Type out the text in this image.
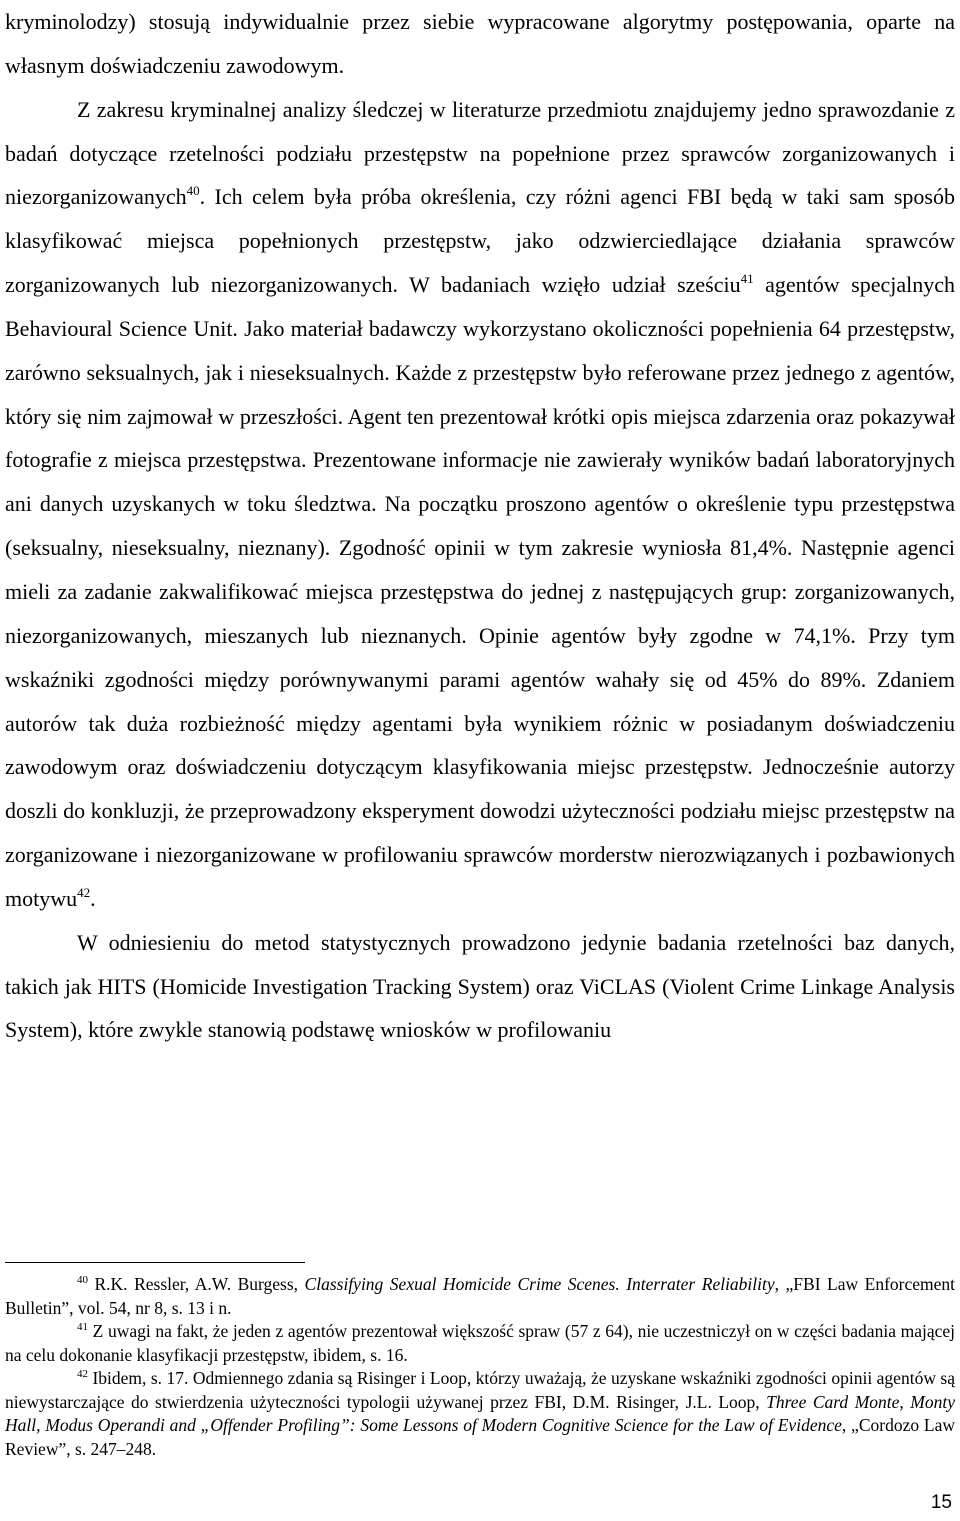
kryminolodzy) stosują indywidualnie przez siebie wypracowane algorytmy postępowania, oparte na własnym doświadczeniu zawodowym.

Z zakresu kryminalnej analizy śledczej w literaturze przedmiotu znajdujemy jedno sprawozdanie z badań dotyczące rzetelności podziału przestępstw na popełnione przez sprawców zorganizowanych i niezorganizowanych$^{40}$. Ich celem była próba określenia, czy różni agenci FBI będą w taki sam sposób klasyfikować miejsca popełnionych przestępstw, jako odzwierciedlające działania sprawców zorganizowanych lub niezorganizowanych. W badaniach wzięło udział sześciu$^{41}$ agentów specjalnych Behavioural Science Unit. Jako materiał badawczy wykorzystano okoliczności popełnienia 64 przestępstw, zarówno seksualnych, jak i nieseksualnych. Każde z przestępstw było referowane przez jednego z agentów, który się nim zajmował w przeszłości. Agent ten prezentował krótki opis miejsca zdarzenia oraz pokazywał fotografie z miejsca przestępstwa. Prezentowane informacje nie zawierały wyników badań laboratoryjnych ani danych uzyskanych w toku śledztwa. Na początku proszono agentów o określenie typu przestępstwa (seksualny, nieseksualny, nieznany). Zgodność opinii w tym zakresie wyniosła 81,4%. Następnie agenci mieli za zadanie zakwalifikować miejsca przestępstwa do jednej z następujących grup: zorganizowanych, niezorganizowanych, mieszanych lub nieznanych. Opinie agentów były zgodne w 74,1%. Przy tym wskaźniki zgodności między porównywanymi parami agentów wahały się od 45% do 89%. Zdaniem autorów tak duża rozbieżność między agentami była wynikiem różnic w posiadanym doświadczeniu zawodowym oraz doświadczeniu dotyczącym klasyfikowania miejsc przestępstw. Jednocześnie autorzy doszli do konkluzji, że przeprowadzony eksperyment dowodzi użyteczności podziału miejsc przestępstw na zorganizowane i niezorganizowane w profilowaniu sprawców morderstw nierozwiązanych i pozbawionych motywu$^{42}$.

W odniesieniu do metod statystycznych prowadzono jedynie badania rzetelności baz danych, takich jak HITS (Homicide Investigation Tracking System) oraz ViCLAS (Violent Crime Linkage Analysis System), które zwykle stanowią podstawę wniosków w profilowaniu

$^{40}$ R.K. Ressler, A.W. Burgess, Classifying Sexual Homicide Crime Scenes. Interrater Reliability, „FBI Law Enforcement Bulletin”, vol. 54, nr 8, s. 13 i n.

$^{41}$ Z uwagi na fakt, że jeden z agentów prezentował większość spraw (57 z 64), nie uczestniczył on w części badania mającej na celu dokonanie klasyfikacji przestępstw, ibidem, s. 16.

$^{42}$ Ibidem, s. 17. Odmiennego zdania są Risinger i Loop, którzy uważają, że uzyskane wskaźniki zgodności opinii agentów są niewystarczające do stwierdzenia użyteczności typologii używanej przez FBI, D.M. Risinger, J.L. Loop, Three Card Monte, Monty Hall, Modus Operandi and „Offender Profiling”: Some Lessons of Modern Cognitive Science for the Law of Evidence, „Cordozo Law Review”, s. 247–248.

15
